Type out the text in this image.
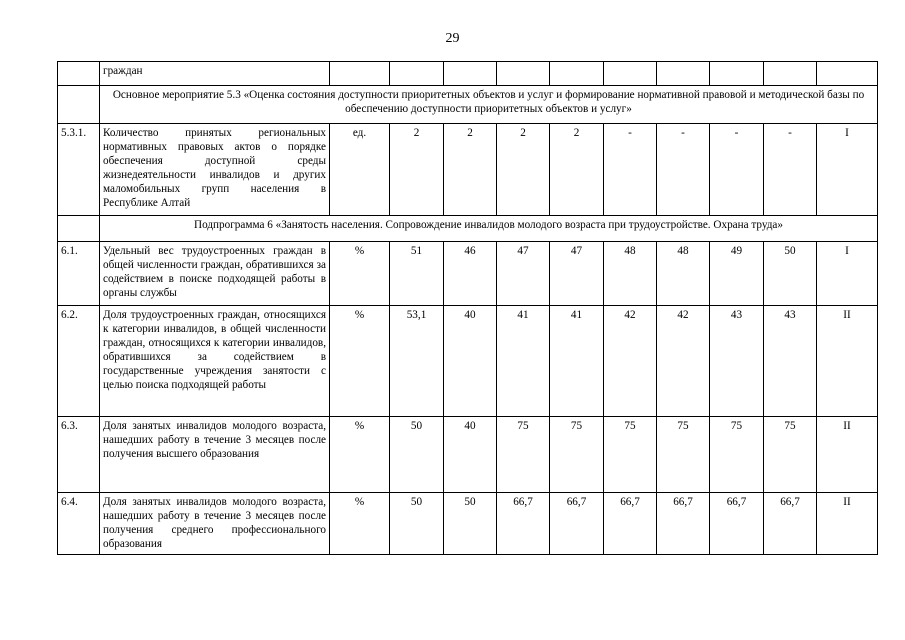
29
	граждан										
	Основное мероприятие 5.3 «Оценка состояния доступности приоритетных объектов и услуг и формирование нормативной правовой и методической базы по обеспечению доступности приоритетных объектов и услуг»										
5.3.1.	Количество принятых региональных нормативных правовых актов о порядке обеспечения доступной среды жизнедеятельности инвалидов и других маломобильных групп населения в Республике Алтай	ед.	2	2	2	2	-	-	-	-	I
	Подпрограмма 6 «Занятость населения. Сопровождение инвалидов молодого возраста при трудоустройстве. Охрана труда»										
6.1.	Удельный вес трудоустроенных граждан в общей численности граждан, обратившихся за содействием в поиске подходящей работы в органы службы	%	51	46	47	47	48	48	49	50	I
6.2.	Доля трудоустроенных граждан, относящихся к категории инвалидов, в общей численности граждан, относящихся к категории инвалидов, обратившихся за содействием в государственные учреждения занятости с целью поиска подходящей работы	%	53,1	40	41	41	42	42	43	43	II
6.3.	Доля занятых инвалидов молодого возраста, нашедших работу в течение 3 месяцев после получения высшего образования	%	50	40	75	75	75	75	75	75	II
6.4.	Доля занятых инвалидов молодого возраста, нашедших работу в течение 3 месяцев после получения среднего профессионального образования	%	50	50	66,7	66,7	66,7	66,7	66,7	66,7	II
